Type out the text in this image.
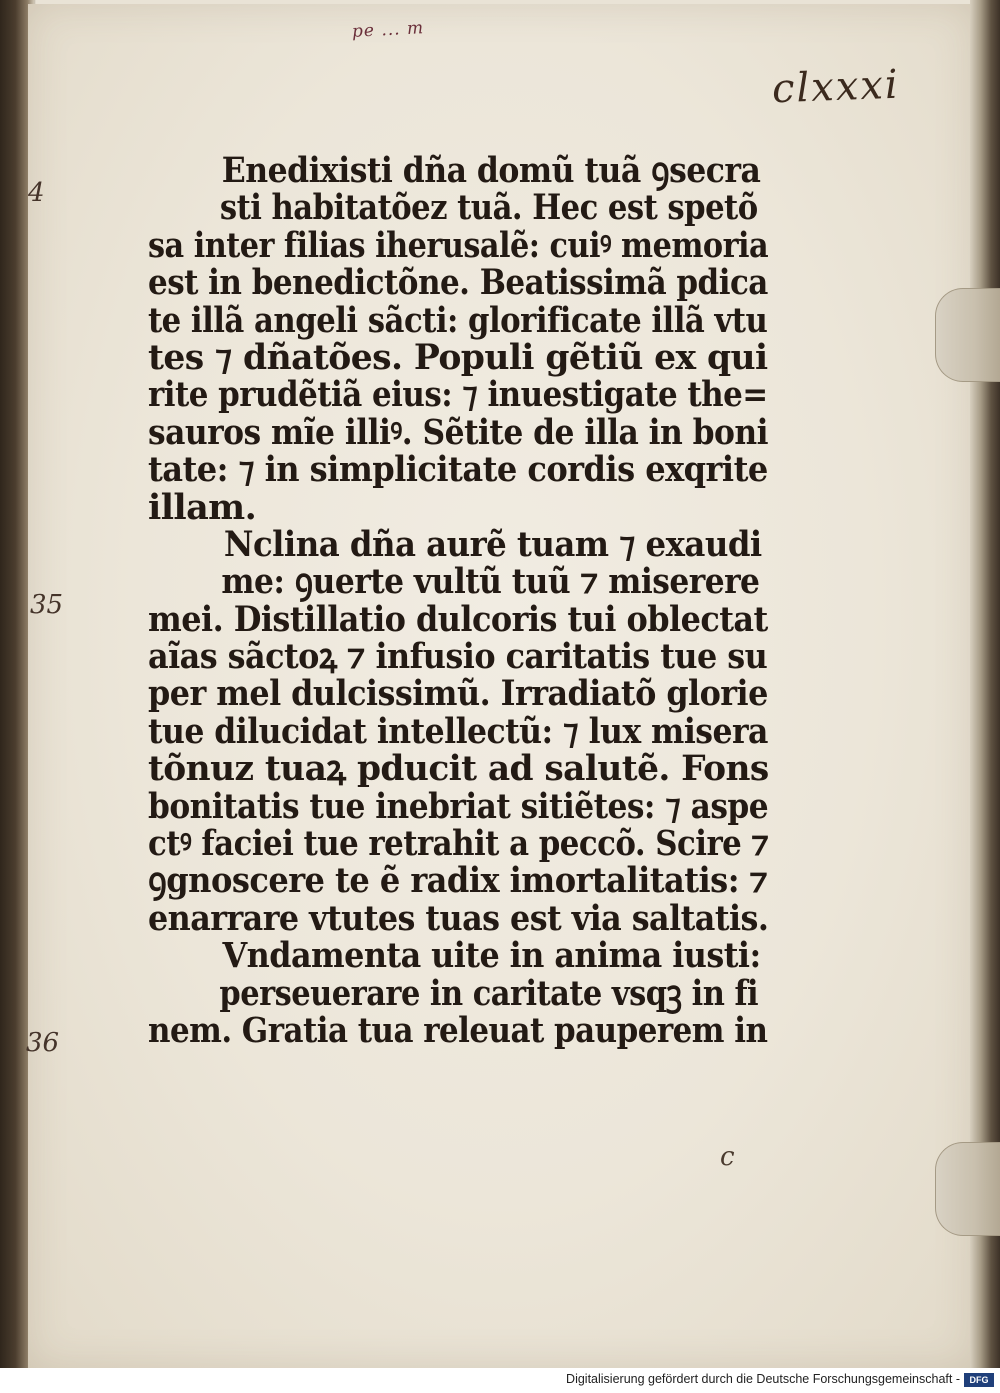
pe ... m
clxxxi
4
35
36
Enedixisti dña domũ tuã ꝯsecra
sti habitatõez tuã. Hec est spetõ
sa inter filias iherusalẽ: cuiꝰ memoria
est in benedictõne. Beatissimã pdica
te illã angeli sãcti: glorificate illã vtu
tes ⁊ dñatões. Populi gẽtiũ ex qui
rite prudẽtiã eius: ⁊ inuestigate the=
sauros mĩe illiꝰ. Sẽtite de illa in boni
tate: ⁊ in simplicitate cordis exqrite
illam.
Nclina dña aurẽ tuam ⁊ exaudi
me: ꝯuerte vultũ tuũ ⁊ miserere
mei. Distillatio dulcoris tui oblectat
aĩas sãctoꝝ ⁊ infusio caritatis tue su
per mel dulcissimũ. Irradiatõ glorie
tue dilucidat intellectũ: ⁊ lux misera
tõnuz tuaꝝ pducit ad salutẽ. Fons
bonitatis tue inebriat sitiẽtes: ⁊ aspe
ctꝰ faciei tue retrahit a peccõ. Scire ⁊
ꝯgnoscere te ẽ radix imortalitatis: ⁊
enarrare vtutes tuas est via saltatis.
Vndamenta uite in anima iusti:
perseuerare in caritate vsqꝫ in fi
nem. Gratia tua releuat pauperem in
c
Digitalisierung gefördert durch die Deutsche Forschungsgemeinschaft -	DFG
